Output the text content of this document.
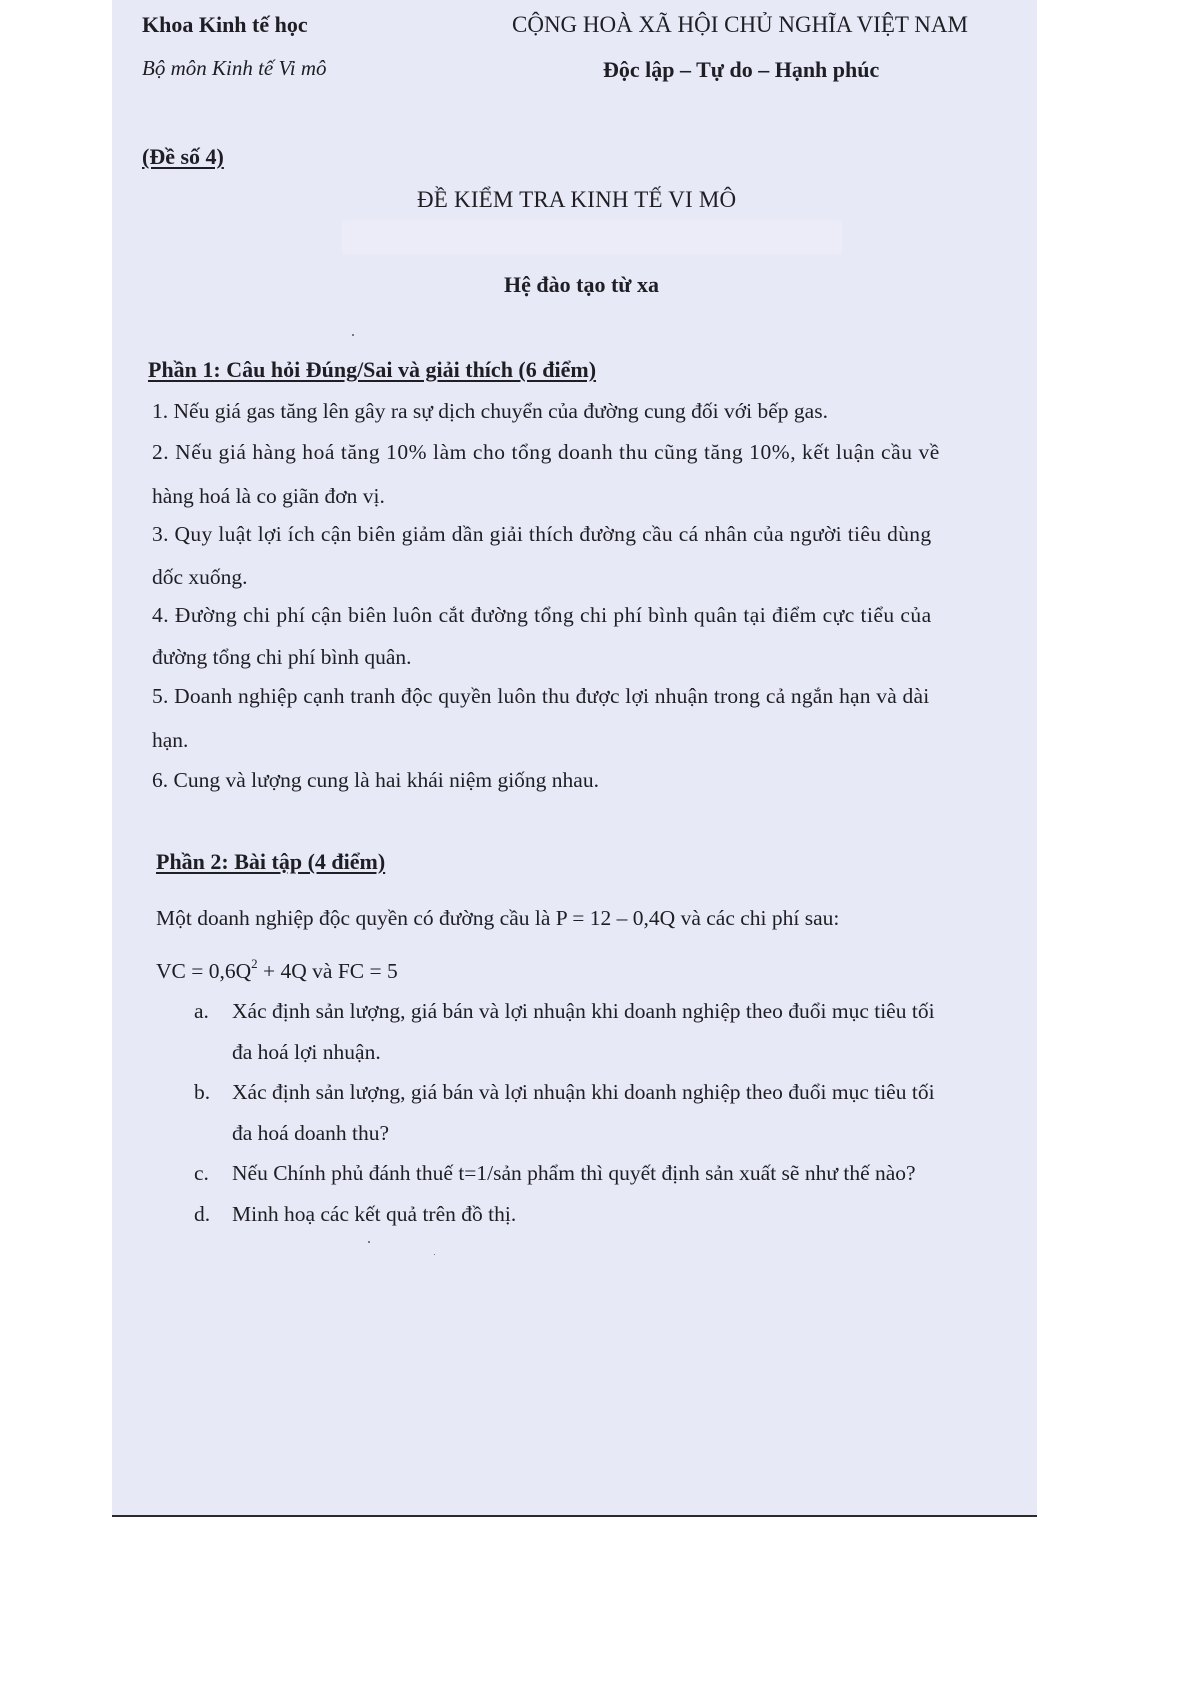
Khoa Kinh tế học
Bộ môn Kinh tế Vi mô
CỘNG HOÀ XÃ HỘI CHỦ NGHĨA VIỆT NAM
Độc lập – Tự do – Hạnh phúc
(Đề số 4)
ĐỀ KIỂM TRA KINH TẾ VI MÔ
Hệ đào tạo từ xa
Phần 1: Câu hỏi Đúng/Sai và giải thích (6 điểm)
1. Nếu giá gas tăng lên gây ra sự dịch chuyển của đường cung đối với bếp gas.
2. Nếu giá hàng hoá tăng 10% làm cho tổng doanh thu cũng tăng 10%, kết luận cầu về
hàng hoá là co giãn đơn vị.
3. Quy luật lợi ích cận biên giảm dần giải thích đường cầu cá nhân của người tiêu dùng
dốc xuống.
4. Đường chi phí cận biên luôn cắt đường tổng chi phí bình quân tại điểm cực tiểu của
đường tổng chi phí bình quân.
5. Doanh nghiệp cạnh tranh độc quyền luôn thu được lợi nhuận trong cả ngắn hạn và dài
hạn.
6. Cung và lượng cung là hai khái niệm giống nhau.
Phần 2: Bài tập (4 điểm)
Một doanh nghiệp độc quyền có đường cầu là P = 12 – 0,4Q và các chi phí sau:
VC = $0,6Q^2 + 4Q$ và FC = 5
a. Xác định sản lượng, giá bán và lợi nhuận khi doanh nghiệp theo đuổi mục tiêu tối
đa hoá lợi nhuận.
b. Xác định sản lượng, giá bán và lợi nhuận khi doanh nghiệp theo đuổi mục tiêu tối
đa hoá doanh thu?
c. Nếu Chính phủ đánh thuế t=1/sản phẩm thì quyết định sản xuất sẽ như thế nào?
d. Minh hoạ các kết quả trên đồ thị.
